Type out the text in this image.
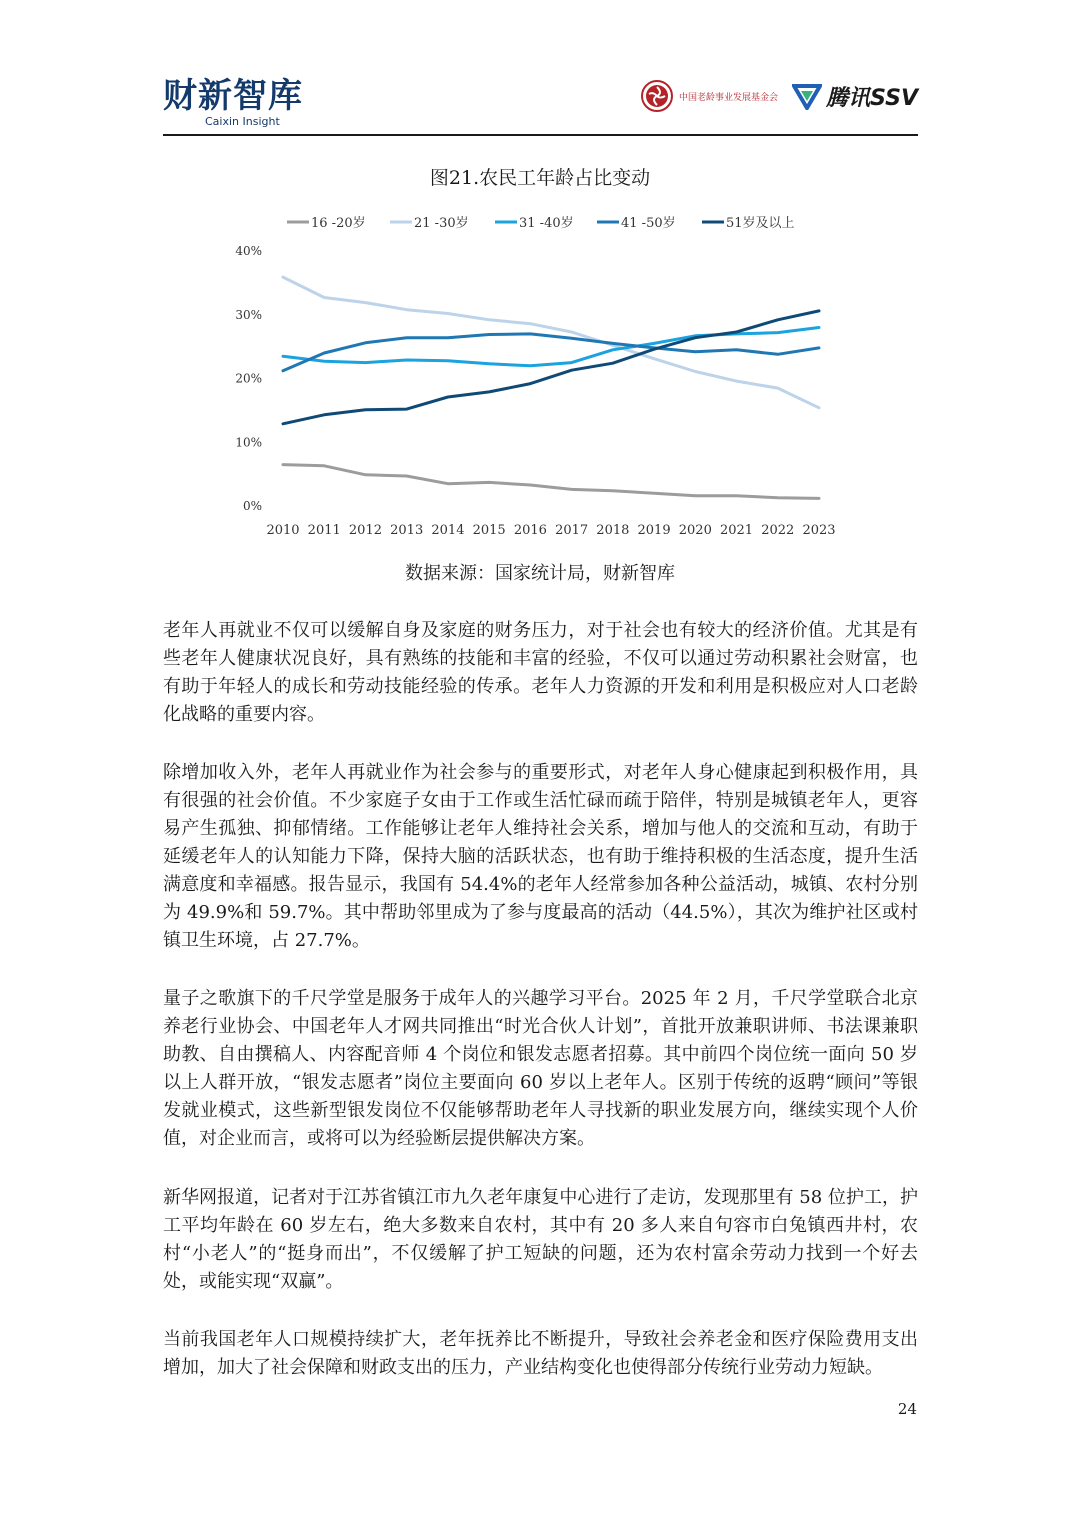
财新智库
Caixin Insight
中国老龄事业发展基金会 腾讯SSV
图21.农民工年龄占比变动
16 -20岁	21 -30岁	31 -40岁	41 -50岁	51岁及以上
0%
10%
20%
30%
40%
2010 2011 2012 2013 2014 2015 2016 2017 2018 2019 2020 2021 2022 2023
数据来源：国家统计局，财新智库

老年人再就业不仅可以缓解自身及家庭的财务压力，对于社会也有较大的经济价值。尤其是有些老年人健康状况良好，具有熟练的技能和丰富的经验，不仅可以通过劳动积累社会财富，也有助于年轻人的成长和劳动技能经验的传承。老年人力资源的开发和利用是积极应对人口老龄化战略的重要内容。

除增加收入外，老年人再就业作为社会参与的重要形式，对老年人身心健康起到积极作用，具有很强的社会价值。不少家庭子女由于工作或生活忙碌而疏于陪伴，特别是城镇老年人，更容易产生孤独、抑郁情绪。工作能够让老年人维持社会关系，增加与他人的交流和互动，有助于延缓老年人的认知能力下降，保持大脑的活跃状态，也有助于维持积极的生活态度，提升生活满意度和幸福感。报告显示，我国有 54.4%的老年人经常参加各种公益活动，城镇、农村分别为 49.9%和 59.7%。其中帮助邻里成为了参与度最高的活动（44.5%），其次为维护社区或村镇卫生环境，占 27.7%。

量子之歌旗下的千尺学堂是服务于成年人的兴趣学习平台。2025 年 2 月，千尺学堂联合北京养老行业协会、中国老年人才网共同推出“时光合伙人计划”，首批开放兼职讲师、书法课兼职助教、自由撰稿人、内容配音师 4 个岗位和银发志愿者招募。其中前四个岗位统一面向 50 岁以上人群开放，“银发志愿者”岗位主要面向 60 岁以上老年人。区别于传统的返聘“顾问”等银发就业模式，这些新型银发岗位不仅能够帮助老年人寻找新的职业发展方向，继续实现个人价值，对企业而言，或将可以为经验断层提供解决方案。

新华网报道，记者对于江苏省镇江市九久老年康复中心进行了走访，发现那里有 58 位护工，护工平均年龄在 60 岁左右，绝大多数来自农村，其中有 20 多人来自句容市白兔镇西井村，农村“小老人”的“挺身而出”，不仅缓解了护工短缺的问题，还为农村富余劳动力找到一个好去处，或能实现“双赢”。

当前我国老年人口规模持续扩大，老年抚养比不断提升，导致社会养老金和医疗保险费用支出增加，加大了社会保障和财政支出的压力，产业结构变化也使得部分传统行业劳动力短缺。

24
